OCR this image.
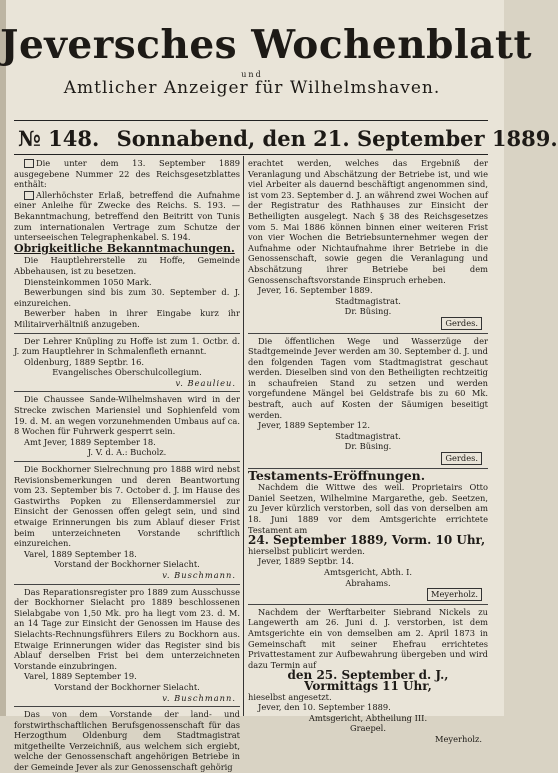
Jeversches Wochenblatt
und
Amtlicher Anzeiger für Wilhelmshaven.
№ 148. Sonnabend, den 21. September 1889.

Die unter dem 13. September 1889 ausgegebene Nummer 22 des Reichsgesetzblattes enthält:

Allerhöchster Erlaß, betreffend die Aufnahme einer Anleihe für Zwecke des Reichs. S. 193. — Bekanntmachung, betreffend den Beitritt von Tunis zum internationalen Vertrage zum Schutze der unterseeischen Telegraphenkabel. S. 194.

Obrigkeitliche Bekanntmachungen.

Die Hauptlehrerstelle zu Hoffe, Gemeinde Abbehausen, ist zu besetzen.

Diensteinkommen 1050 Mark.

Bewerbungen sind bis zum 30. September d. J. einzureichen.

Bewerber haben in ihrer Eingabe kurz ihr Militairverhältniß anzugeben.

Der Lehrer Knüpling zu Hoffe ist zum 1. Octbr. d. J. zum Hauptlehrer in Schmalenfleth ernannt.

Oldenburg, 1889 Septbr. 16.

Evangelisches Oberschulcollegium.

v. Beaulieu.

Die Chaussee Sande-Wilhelmshaven wird in der Strecke zwischen Mariensiel und Sophienfeld vom 19. d. M. an wegen vorzunehmenden Umbaus auf ca. 8 Wochen für Fuhrwerk gesperrt sein.

Amt Jever, 1889 September 18.

J. V. d. A.: Bucholz.

Die Bockhorner Sielrechnung pro 1888 wird nebst Revisionsbemerkungen und deren Beantwortung vom 23. September bis 7. October d. J. im Hause des Gastwirths Popken zu Ellenserdammersiel zur Einsicht der Genossen offen gelegt sein, und sind etwaige Erinnerungen bis zum Ablauf dieser Frist beim unterzeichneten Vorstande schriftlich einzureichen.

Varel, 1889 September 18.

Vorstand der Bockhorner Sielacht.

v. Buschmann.

Das Reparationsregister pro 1889 zum Ausschusse der Bockhorner Sielacht pro 1889 beschlossenen Sielabgabe von 1,50 Mk. pro ha liegt vom 23. d. M. an 14 Tage zur Einsicht der Genossen im Hause des Sielachts-Rechnungsführers Eilers zu Bockhorn aus. Etwaige Erinnerungen wider das Register sind bis Ablauf derselben Frist bei dem unterzeichneten Vorstande einzubringen.

Varel, 1889 September 19.

Vorstand der Bockhorner Sielacht.

v. Buschmann.

Das von dem Vorstande der land- und forstwirthschaftlichen Berufsgenossenschaft für das Herzogthum Oldenburg dem Stadtmagistrat mitgetheilte Verzeichniß, aus welchem sich ergiebt, welche der Genossenschaft angehörigen Betriebe in der Gemeinde Jever als zur Genossenschaft gehörig

erachtet werden, welches das Ergebniß der Veranlagung und Abschätzung der Betriebe ist, und wie viel Arbeiter als dauernd beschäftigt angenommen sind, ist vom 23. September d. J. an während zwei Wochen auf der Registratur des Rathhauses zur Einsicht der Betheiligten ausgelegt. Nach § 38 des Reichsgesetzes vom 5. Mai 1886 können binnen einer weiteren Frist von vier Wochen die Betriebsunternehmer wegen der Aufnahme oder Nichtaufnahme ihrer Betriebe in die Genossenschaft, sowie gegen die Veranlagung und Abschätzung ihrer Betriebe bei dem Genossenschaftsvorstande Einspruch erheben.

Jever, 16. September 1889.

Stadtmagistrat.

Dr. Büsing.

Gerdes.

Die öffentlichen Wege und Wasserzüge der Stadtgemeinde Jever werden am 30. September d. J. und den folgenden Tagen vom Stadtmagistrat geschaut werden. Dieselben sind von den Betheiligten rechtzeitig in schaufreien Stand zu setzen und werden vorgefundene Mängel bei Geldstrafe bis zu 60 Mk. bestraft, auch auf Kosten der Säumigen beseitigt werden.

Jever, 1889 September 12.

Stadtmagistrat.

Dr. Büsing.

Gerdes.

Testaments-Eröffnungen.

Nachdem die Wittwe des weil. Proprietairs Otto Daniel Seetzen, Wilhelmine Margarethe, geb. Seetzen, zu Jever kürzlich verstorben, soll das von derselben am 18. Juni 1889 vor dem Amtsgerichte errichtete Testament am

24. September 1889, Vorm. 10 Uhr,

hierselbst publicirt werden.

Jever, 1889 Septbr. 14.

Amtsgericht, Abth. I.

Abrahams.

Meyerholz.

Nachdem der Werftarbeiter Siebrand Nickels zu Langewerth am 26. Juni d. J. verstorben, ist dem Amtsgerichte ein von demselben am 2. April 1873 in Gemeinschaft mit seiner Ehefrau errichtetes Privattestament zur Aufbewahrung übergeben und wird dazu Termin auf

den 25. September d. J.,

Vormittags 11 Uhr,

hieselbst angesetzt.

Jever, den 10. September 1889.

Amtsgericht, Abtheilung III.

Graepel.

Meyerholz.
